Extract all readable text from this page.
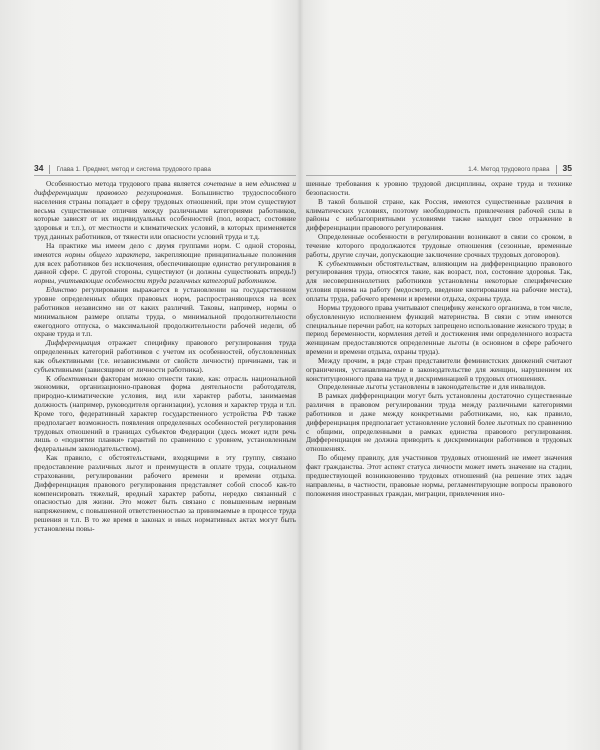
34 Глава 1. Предмет, метод и система трудового права	1.4. Метод трудового права 35

Особенностью метода трудового права является сочетание в нем единства и дифференциации правового регулирования. Большинство трудоспособного населения страны попадает в сферу трудовых отношений, при этом существуют весьма существенные отличия между различными категориями работников, которые зависят от их индивидуальных особенностей (пол, возраст, состояние здоровья и т.п.), от местности и климатических условий, в которых применяется труд данных работников, от тяжести или опасности условий труда и т.д.

На практике мы имеем дело с двумя группами норм. С одной стороны, имеются нормы общего характера, закрепляющие принципиальные положения для всех работников без исключения, обеспечивающие единство регулирования в данной сфере. С другой стороны, существуют (и должны существовать впредь!) нормы, учитывающие особенности труда различных категорий работников.

Единство регулирования выражается в установлении на государственном уровне определенных общих правовых норм, распространяющихся на всех работников независимо ни от каких различий. Таковы, например, нормы о минимальном размере оплаты труда, о минимальной продолжительности ежегодного отпуска, о максимальной продолжительности рабочей недели, об охране труда и т.п.

Дифференциация отражает специфику правового регулирования труда определенных категорий работников с учетом их особенностей, обусловленных как объективными (т.е. независимыми от свойств личности) причинами, так и субъективными (зависящими от личности работника).

К объективным факторам можно отнести такие, как: отрасль национальной экономики, организационно-правовая форма деятельности работодателя, природно-климатические условия, вид или характер работы, занимаемая должность (например, руководителя организации), условия и характер труда и т.п. Кроме того, федеративный характер государственного устройства РФ также предполагает возможность появления определенных особенностей регулирования трудовых отношений в границах субъектов Федерации (здесь может идти речь лишь о «поднятии планки» гарантий по сравнению с уровнем, установленным федеральным законодательством).

Как правило, с обстоятельствами, входящими в эту группу, связано предоставление различных льгот и преимуществ в оплате труда, социальном страховании, регулировании рабочего времени и времени отдыха. Дифференциация правового регулирования представляет собой способ как-то компенсировать тяжелый, вредный характер работы, нередко связанный с опасностью для жизни. Это может быть связано с повышенным нервным напряжением, с повышенной ответственностью за принимаемые в процессе труда решения и т.п. В то же время в законах и иных нормативных актах могут быть установлены повы-

шенные требования к уровню трудовой дисциплины, охране труда и технике безопасности.

В такой большой стране, как Россия, имеются существенные различия в климатических условиях, поэтому необходимость привлечения рабочей силы в районы с неблагоприятными условиями также находит свое отражение в дифференциации правового регулирования.

Определенные особенности в регулировании возникают в связи со сроком, в течение которого продолжаются трудовые отношения (сезонные, временные работы, другие случаи, допускающие заключение срочных трудовых договоров).

К субъективным обстоятельствам, влияющим на дифференциацию правового регулирования труда, относятся такие, как возраст, пол, состояние здоровья. Так, для несовершеннолетних работников установлены некоторые специфические условия приема на работу (медосмотр, введение квотирования на рабочие места), оплаты труда, рабочего времени и времени отдыха, охраны труда.

Нормы трудового права учитывают специфику женского организма, в том числе, обусловленную исполнением функций материнства. В связи с этим имеются специальные перечни работ, на которых запрещено использование женского труда; в период беременности, кормления детей и достижения ими определенного возраста женщинам предоставляются определенные льготы (в основном в сфере рабочего времени и времени отдыха, охраны труда).

Между прочим, в ряде стран представители феминистских движений считают ограничения, устанавливаемые в законодательстве для женщин, нарушением их конституционного права на труд и дискриминацией в трудовых отношениях.

Определенные льготы установлены в законодательстве и для инвалидов.

В рамках дифференциации могут быть установлены достаточно существенные различия в правовом регулировании труда между различными категориями работников и даже между конкретными работниками, но, как правило, дифференциация предполагает установление условий более льготных по сравнению с общими, определенными в рамках единства правового регулирования. Дифференциация не должна приводить к дискриминации работников в трудовых отношениях.

По общему правилу, для участников трудовых отношений не имеет значения факт гражданства. Этот аспект статуса личности может иметь значение на стадии, предшествующей возникновению трудовых отношений (на решение этих задач направлены, в частности, правовые нормы, регламентирующие вопросы правового положения иностранных граждан, миграции, привлечения ино-
